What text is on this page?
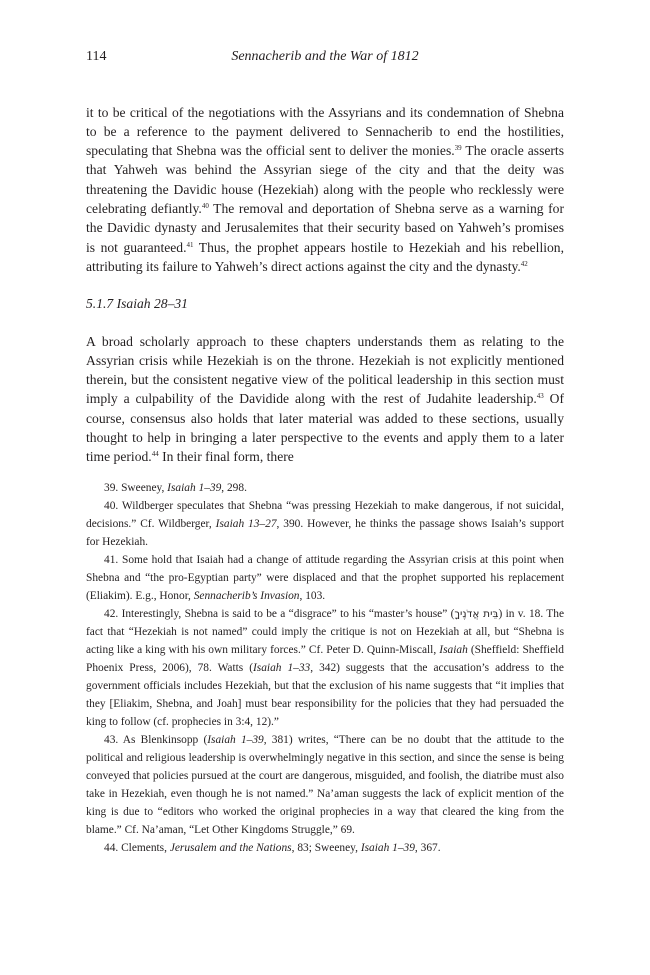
114	Sennacherib and the War of 1812

it to be critical of the negotiations with the Assyrians and its condemnation of Shebna to be a reference to the payment delivered to Sennacherib to end the hostilities, speculating that Shebna was the official sent to deliver the monies.$^{39}$ The oracle asserts that Yahweh was behind the Assyrian siege of the city and that the deity was threatening the Davidic house (Hezekiah) along with the people who recklessly were celebrating defiantly.$^{40}$ The removal and deportation of Shebna serve as a warning for the Davidic dynasty and Jerusalemites that their security based on Yahweh’s promises is not guaranteed.$^{41}$ Thus, the prophet appears hostile to Hezekiah and his rebellion, attributing its failure to Yahweh’s direct actions against the city and the dynasty.$^{42}$

5.1.7 Isaiah 28–31

A broad scholarly approach to these chapters understands them as relating to the Assyrian crisis while Hezekiah is on the throne. Hezekiah is not explicitly mentioned therein, but the consistent negative view of the political leadership in this section must imply a culpability of the Davidide along with the rest of Judahite leadership.$^{43}$ Of course, consensus also holds that later material was added to these sections, usually thought to help in bringing a later perspective to the events and apply them to a later time period.$^{44}$ In their final form, there

39. Sweeney, Isaiah 1–39, 298.

40. Wildberger speculates that Shebna “was pressing Hezekiah to make dangerous, if not suicidal, decisions.” Cf. Wildberger, Isaiah 13–27, 390. However, he thinks the passage shows Isaiah’s support for Hezekiah.

41. Some hold that Isaiah had a change of attitude regarding the Assyrian crisis at this point when Shebna and “the pro-Egyptian party” were displaced and that the prophet supported his replacement (Eliakim). E.g., Honor, Sennacherib’s Invasion, 103.

42. Interestingly, Shebna is said to be a “disgrace” to his “master’s house” (בֵּית אֲדֹנֶיךָ) in v. 18. The fact that “Hezekiah is not named” could imply the critique is not on Hezekiah at all, but “Shebna is acting like a king with his own military forces.” Cf. Peter D. Quinn-Miscall, Isaiah (Sheffield: Sheffield Phoenix Press, 2006), 78. Watts (Isaiah 1–33, 342) suggests that the accusation’s address to the government officials includes Hezekiah, but that the exclusion of his name suggests that “it implies that they [Eliakim, Shebna, and Joah] must bear responsibility for the policies that they had persuaded the king to follow (cf. prophecies in 3:4, 12).”

43. As Blenkinsopp (Isaiah 1–39, 381) writes, “There can be no doubt that the attitude to the political and religious leadership is overwhelmingly negative in this section, and since the sense is being conveyed that policies pursued at the court are dangerous, misguided, and foolish, the diatribe must also take in Hezekiah, even though he is not named.” Na’aman suggests the lack of explicit mention of the king is due to “editors who worked the original prophecies in a way that cleared the king from the blame.” Cf. Na’aman, “Let Other Kingdoms Struggle,” 69.

44. Clements, Jerusalem and the Nations, 83; Sweeney, Isaiah 1–39, 367.
